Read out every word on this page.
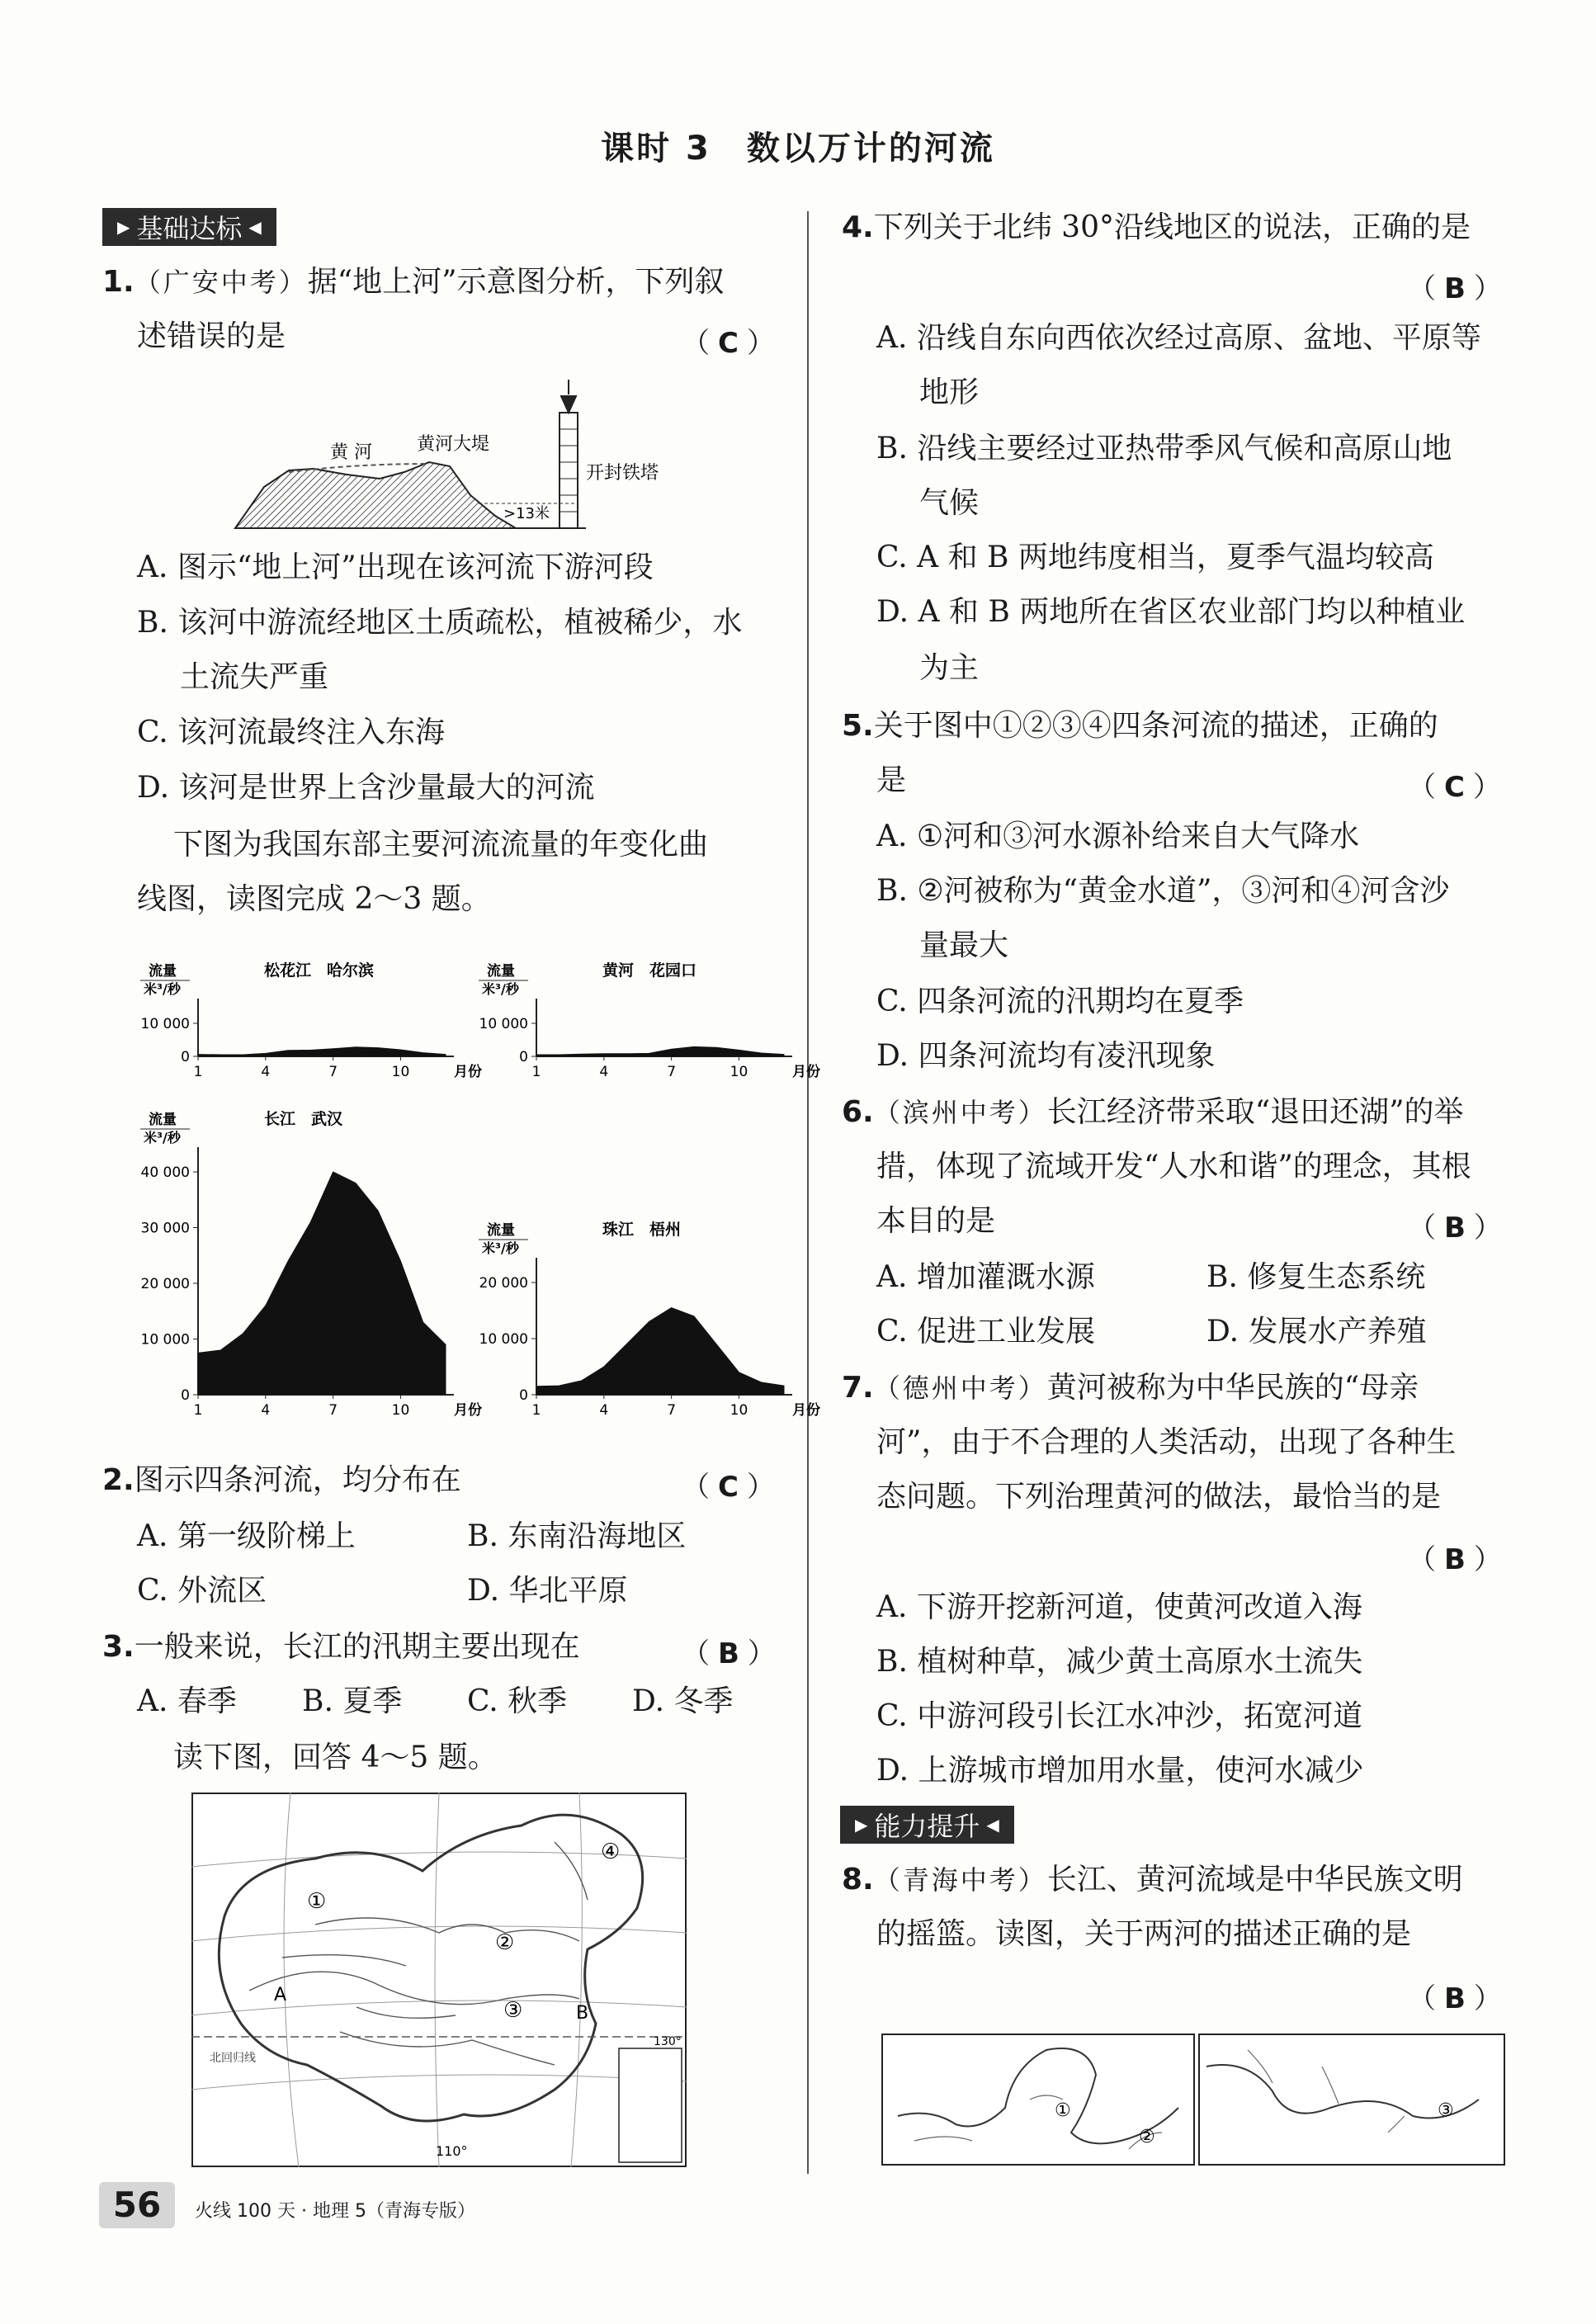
课时 3　数以万计的河流
▶ 基础达标 ◀
1.（广安中考）据“地上河”示意图分析，下列叙
述错误的是	（ C ）
黄 河 黄河大堤
开封铁塔
>13米
A. 图示“地上河”出现在该河流下游河段
B. 该河中游流经地区土质疏松，植被稀少，水
土流失严重
C. 该河流最终注入东海
D. 该河是世界上含沙量最大的河流
下图为我国东部主要河流流量的年变化曲
线图，读图完成 2～3 题。
流量
米³/秒
松花江　哈尔滨
10 000
0
1	4	7	10	月份
流量
米³/秒
黄河　花园口
10 000
0
1	4	7	10	月份
流量
米³/秒
长江　武汉
40 000
30 000
20 000
10 000
0
1	4	7	10	月份
流量
米³/秒
珠江　梧州
20 000
10 000
0
1	4	7	10	月份
2.图示四条河流，均分布在	（ C ）
A. 第一级阶梯上	B. 东南沿海地区
C. 外流区	D. 华北平原
3.一般来说，长江的汛期主要出现在	（ B ）
A. 春季 B. 夏季 C. 秋季 D. 冬季
读下图，回答 4～5 题。
北回归线
110°
130°
①
②
③
④
A
B
4.下列关于北纬 30°沿线地区的说法，正确的是
（ B ）
A. 沿线自东向西依次经过高原、盆地、平原等
地形
B. 沿线主要经过亚热带季风气候和高原山地
气候
C. A 和 B 两地纬度相当，夏季气温均较高
D. A 和 B 两地所在省区农业部门均以种植业
为主
5.关于图中①②③④四条河流的描述，正确的
是	（ C ）
A. ①河和③河水源补给来自大气降水
B. ②河被称为“黄金水道”，③河和④河含沙
量最大
C. 四条河流的汛期均在夏季
D. 四条河流均有凌汛现象
6.（滨州中考）长江经济带采取“退田还湖”的举
措，体现了流域开发“人水和谐”的理念，其根
本目的是	（ B ）
A. 增加灌溉水源	B. 修复生态系统
C. 促进工业发展	D. 发展水产养殖
7.（德州中考）黄河被称为中华民族的“母亲
河”，由于不合理的人类活动，出现了各种生
态问题。下列治理黄河的做法，最恰当的是
（ B ）
A. 下游开挖新河道，使黄河改道入海
B. 植树种草，减少黄土高原水土流失
C. 中游河段引长江水冲沙，拓宽河道
D. 上游城市增加用水量，使河水减少
▶ 能力提升 ◀
8.（青海中考）长江、黄河流域是中华民族文明
的摇篮。读图，关于两河的描述正确的是
（ B ）
①
②
③
56	火线 100 天 · 地理 5（青海专版）
